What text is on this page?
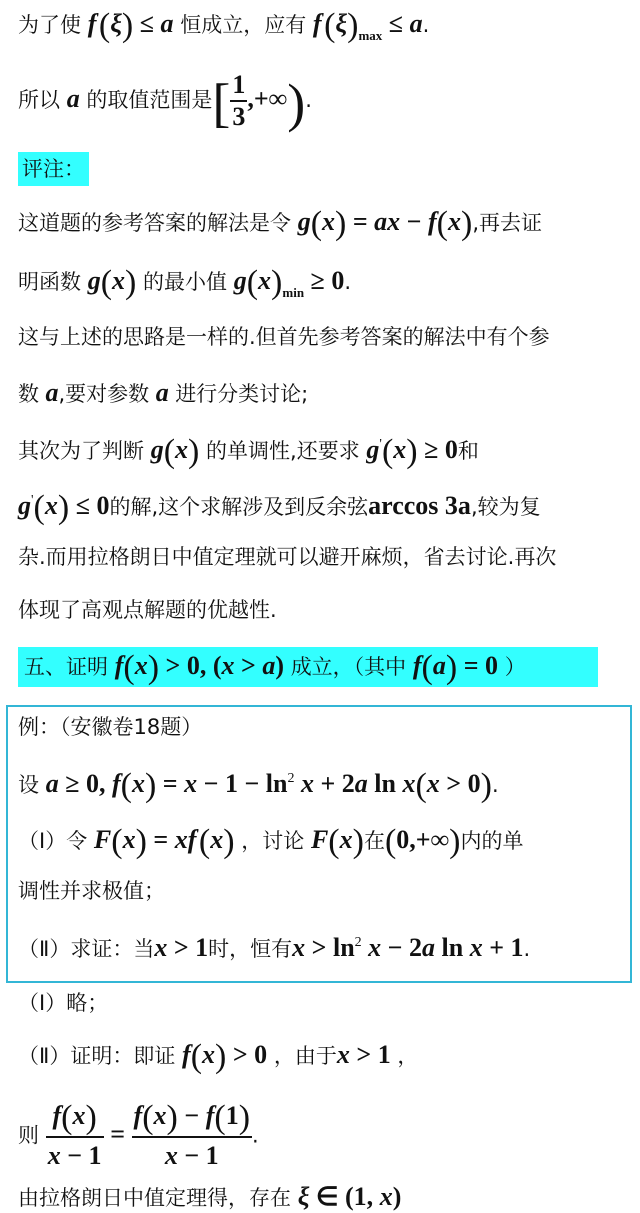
为了使 f'(ξ) ≤ a 恒成立，应有 $f'(\xi)_{max} \le a$.
所以 a 的取值范围是[ $\frac{1}{3}$ ,+∞).
评注：
这道题的参考答案的解法是令 g(x) = ax − f(x),再去证
明函数 g(x) 的最小值 $g(x)_{min} \ge 0$.
这与上述的思路是一样的.但首先参考答案的解法中有个参
数 a,要对参数 a 进行分类讨论;
其次为了判断 g(x) 的单调性,还要求 g'(x) ≥ 0和
g'(x) ≤ 0的解,这个求解涉及到反余弦arccos 3a,较为复
杂.而用拉格朗日中值定理就可以避开麻烦，省去讨论.再次
体现了高观点解题的优越性.
五、证明 f(x) > 0, (x > a) 成立，（其中 f(a) = 0 ）
例：（安徽卷18题）
设 a ≥ 0, $f(x) = x - 1 - \ln^2 x + 2a$ ln x(x > 0).
（Ⅰ）令 F(x) = xf'(x) ，讨论 F(x)在(0,+∞)内的单
调性并求极值；
（Ⅱ）求证：当x > 1时，恒有$x > \ln^2 x - 2a$ ln x + 1.
（Ⅰ）略；
（Ⅱ）证明：即证 f(x) > 0 ，由于x > 1 ，
则 $\frac{f(x)}{x - 1} = \frac{f(x) - f(1)}{x - 1}$ .
由拉格朗日中值定理得，存在 ξ ∈ (1, x)
